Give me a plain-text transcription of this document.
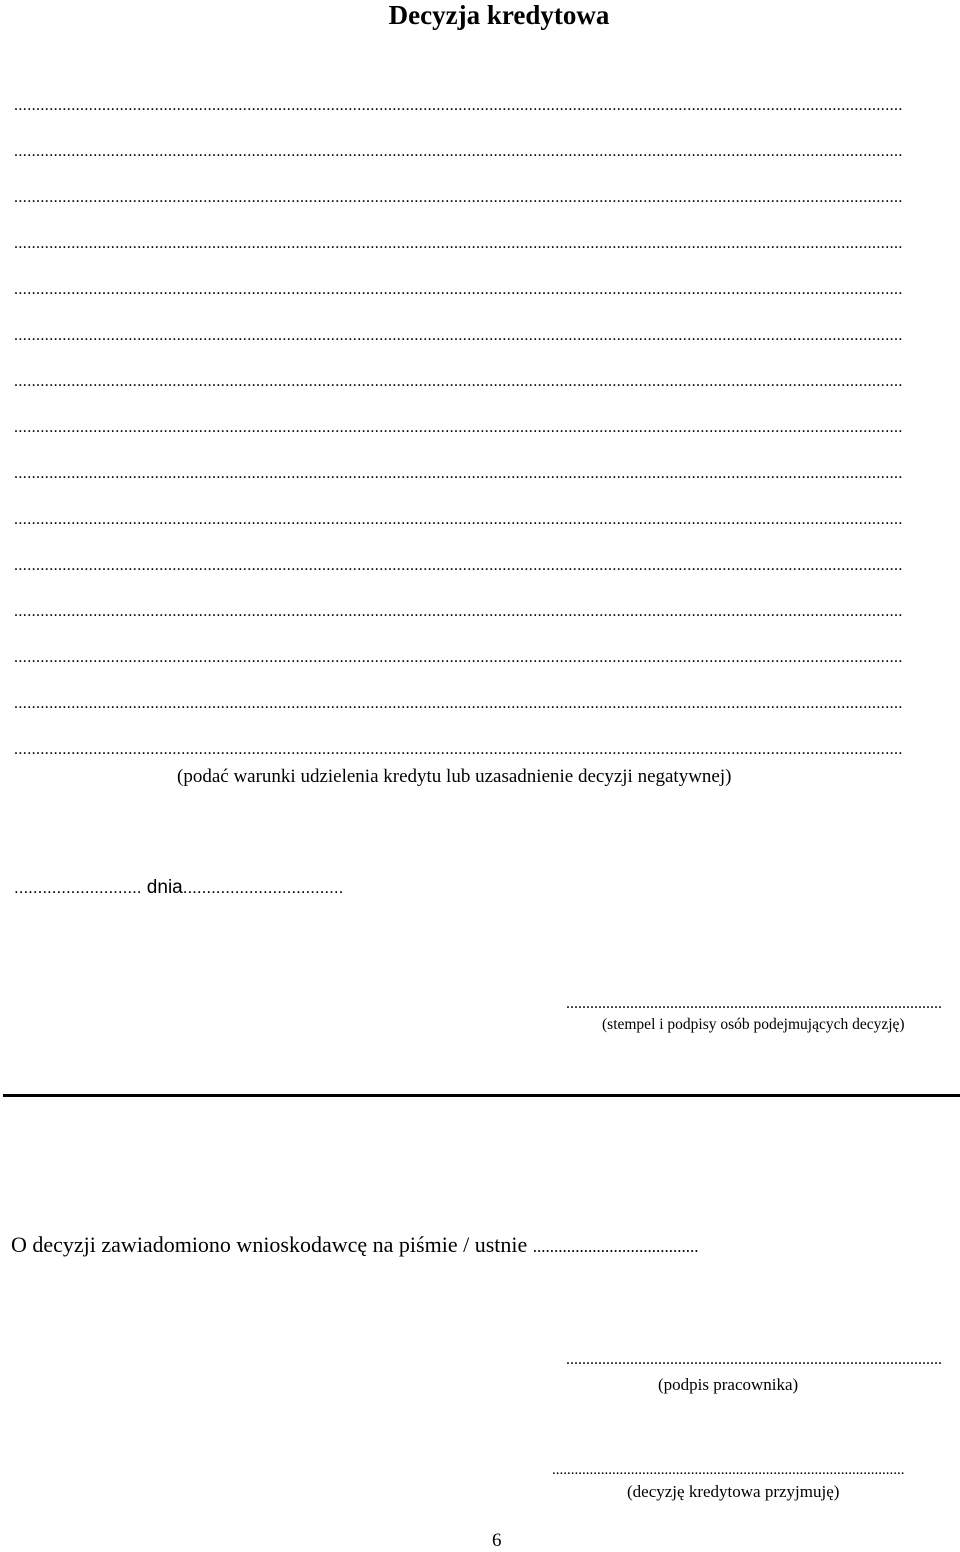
Decyzja kredytowa
..........................................................................................................................................................................................................
..........................................................................................................................................................................................................
..........................................................................................................................................................................................................
..........................................................................................................................................................................................................
..........................................................................................................................................................................................................
..........................................................................................................................................................................................................
..........................................................................................................................................................................................................
..........................................................................................................................................................................................................
..........................................................................................................................................................................................................
..........................................................................................................................................................................................................
..........................................................................................................................................................................................................
..........................................................................................................................................................................................................
..........................................................................................................................................................................................................
..........................................................................................................................................................................................................
..........................................................................................................................................................................................................
(podać warunki udzielenia kredytu lub uzasadnienie decyzji negatywnej)
........................... dnia..................................
..............................................................................................
(stempel i podpisy osób podejmujących decyzję)
O decyzji zawiadomiono wnioskodawcę na piśmie / ustnie .......................................
..............................................................................................
(podpis pracownika)
..............................................................................................
(decyzję kredytowa przyjmuję)
6
